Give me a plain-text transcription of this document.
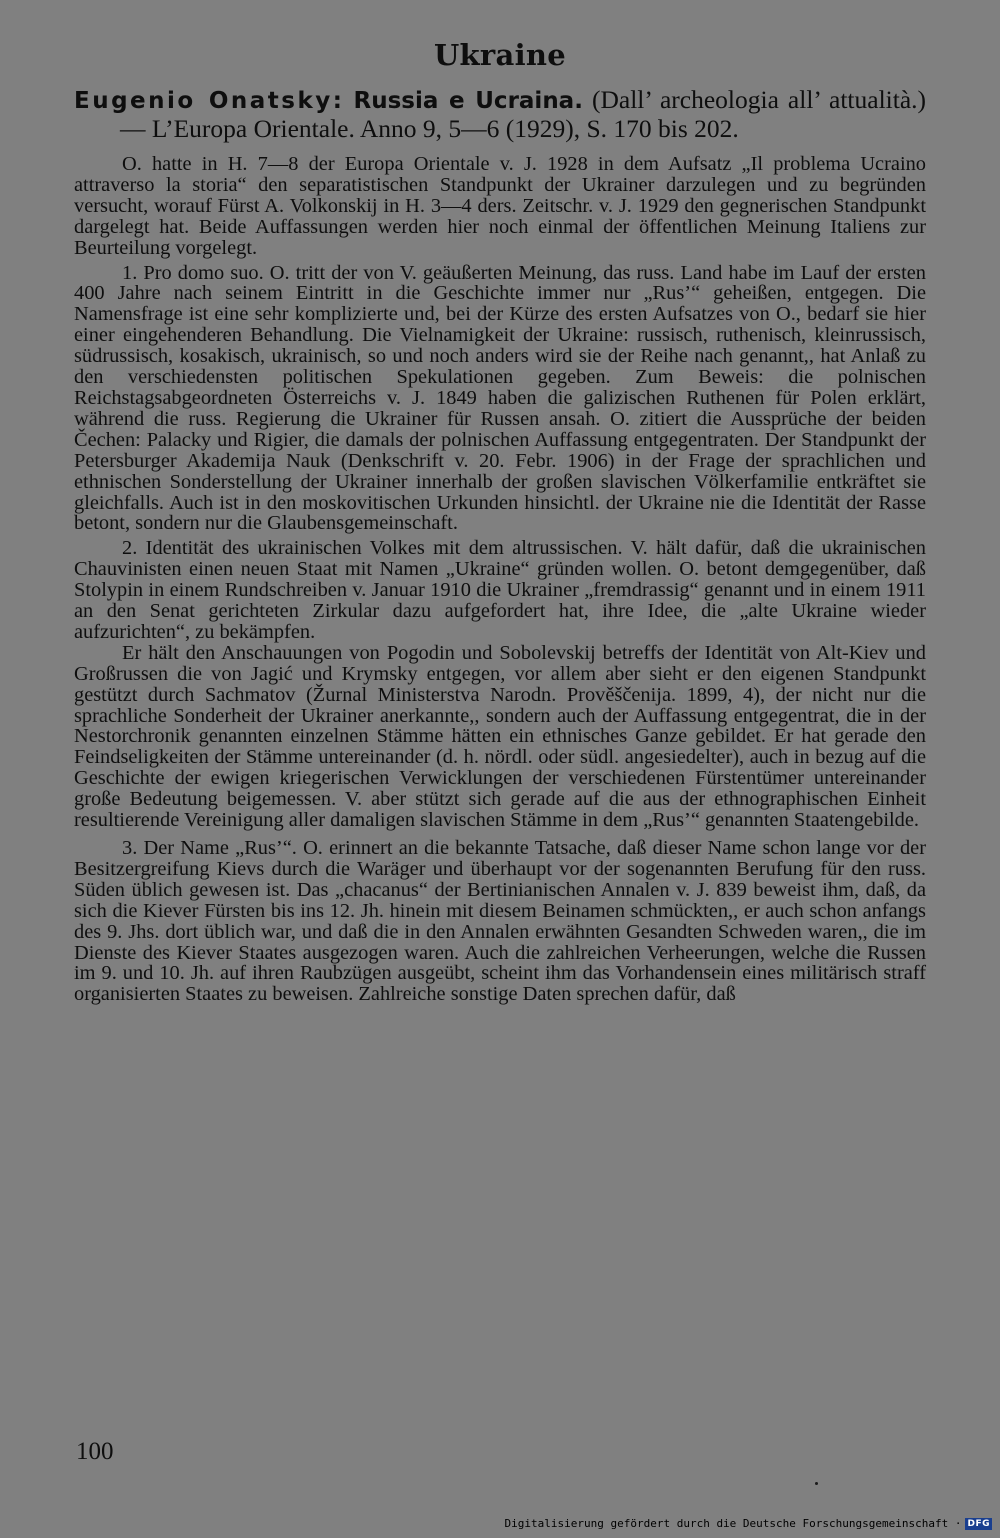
Ukraine

Eugenio Onatsky: Russia e Ucraina. (Dall’ archeologia all’ attualità.) — L’Europa Orientale. Anno 9, 5—6 (1929), S. 170 bis 202.

O. hatte in H. 7—8 der Europa Orientale v. J. 1928 in dem Aufsatz „Il problema Ucraino attraverso la storia“ den separatistischen Standpunkt der Ukrainer darzulegen und zu begründen versucht, worauf Fürst A. Volkonskij in H. 3—4 ders. Zeitschr. v. J. 1929 den gegnerischen Standpunkt dargelegt hat. Beide Auffassungen werden hier noch einmal der öffentlichen Meinung Italiens zur Beurteilung vorgelegt.

1. Pro domo suo. O. tritt der von V. geäußerten Meinung, das russ. Land habe im Lauf der ersten 400 Jahre nach seinem Eintritt in die Geschichte immer nur „Rus’“ geheißen, entgegen. Die Namensfrage ist eine sehr komplizierte und, bei der Kürze des ersten Aufsatzes von O., bedarf sie hier einer eingehenderen Behandlung. Die Vielnamigkeit der Ukraine: russisch, ruthenisch, kleinrussisch, südrussisch, kosakisch, ukrainisch, so und noch anders wird sie der Reihe nach genannt,, hat Anlaß zu den verschiedensten politischen Spekulationen gegeben. Zum Beweis: die polnischen Reichstagsabgeordneten Österreichs v. J. 1849 haben die galizischen Ruthenen für Polen erklärt, während die russ. Regierung die Ukrainer für Russen ansah. O. zitiert die Aussprüche der beiden Čechen: Palacky und Rigier, die damals der polnischen Auffassung entgegentraten. Der Standpunkt der Petersburger Akademija Nauk (Denkschrift v. 20. Febr. 1906) in der Frage der sprachlichen und ethnischen Sonderstellung der Ukrainer innerhalb der großen slavischen Völkerfamilie entkräftet sie gleichfalls. Auch ist in den moskovitischen Urkunden hinsichtl. der Ukraine nie die Identität der Rasse betont, sondern nur die Glaubensgemeinschaft.

2. Identität des ukrainischen Volkes mit dem altrussischen. V. hält dafür, daß die ukrainischen Chauvinisten einen neuen Staat mit Namen „Ukraine“ gründen wollen. O. betont demgegenüber, daß Stolypin in einem Rundschreiben v. Januar 1910 die Ukrainer „fremdrassig“ genannt und in einem 1911 an den Senat gerichteten Zirkular dazu aufgefordert hat, ihre Idee, die „alte Ukraine wieder aufzurichten“, zu bekämpfen.

Er hält den Anschauungen von Pogodin und Sobolevskij betreffs der Identität von Alt-Kiev und Großrussen die von Jagić und Krymsky entgegen, vor allem aber sieht er den eigenen Standpunkt gestützt durch Sachmatov (Žurnal Ministerstva Narodn. Prověščenija. 1899, 4), der nicht nur die sprachliche Sonderheit der Ukrainer anerkannte,, sondern auch der Auffassung entgegentrat, die in der Nestorchronik genannten einzelnen Stämme hätten ein ethnisches Ganze gebildet. Er hat gerade den Feindseligkeiten der Stämme untereinander (d. h. nördl. oder südl. angesiedelter), auch in bezug auf die Geschichte der ewigen kriegerischen Verwicklungen der verschiedenen Fürstentümer untereinander große Bedeutung beigemessen. V. aber stützt sich gerade auf die aus der ethnographischen Einheit resultierende Vereinigung aller damaligen slavischen Stämme in dem „Rus’“ genannten Staatengebilde.

3. Der Name „Rus’“. O. erinnert an die bekannte Tatsache, daß dieser Name schon lange vor der Besitzergreifung Kievs durch die Waräger und überhaupt vor der sogenannten Berufung für den russ. Süden üblich gewesen ist. Das „chacanus“ der Bertinianischen Annalen v. J. 839 beweist ihm, daß, da sich die Kiever Fürsten bis ins 12. Jh. hinein mit diesem Beinamen schmückten,, er auch schon anfangs des 9. Jhs. dort üblich war, und daß die in den Annalen erwähnten Gesandten Schweden waren,, die im Dienste des Kiever Staates ausgezogen waren. Auch die zahlreichen Verheerungen, welche die Russen im 9. und 10. Jh. auf ihren Raubzügen ausgeübt, scheint ihm das Vorhandensein eines militärisch straff organisierten Staates zu beweisen. Zahlreiche sonstige Daten sprechen dafür, daß

100
Digitalisierung gefördert durch die Deutsche Forschungsgemeinschaft · DFG
